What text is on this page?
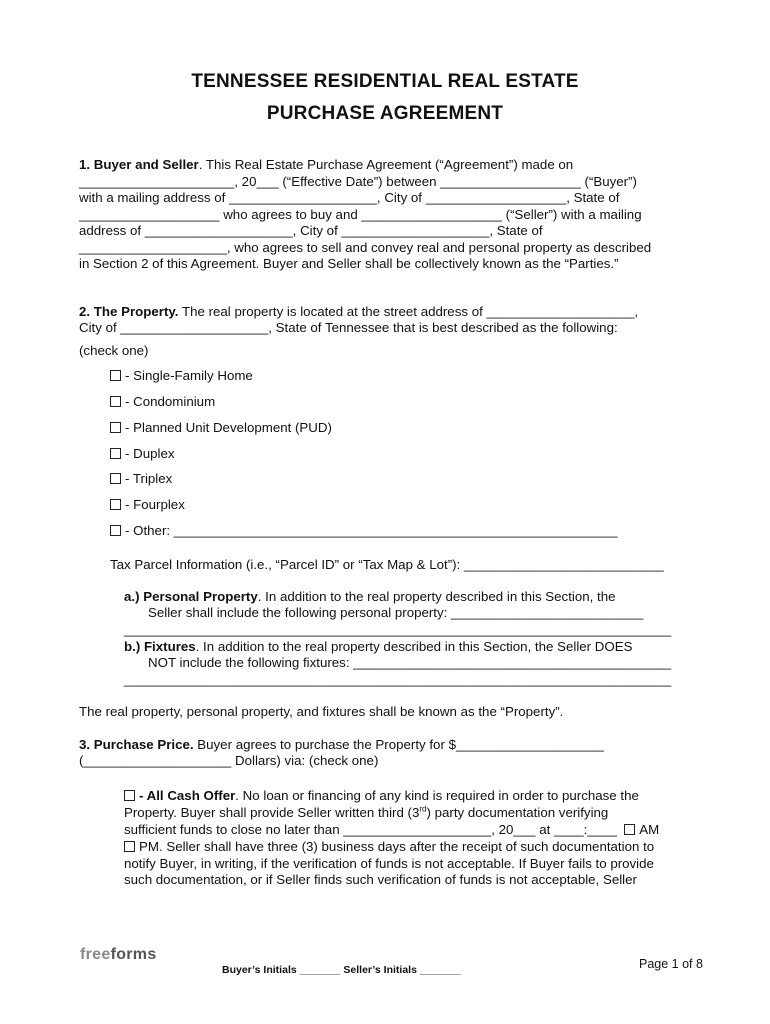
TENNESSEE RESIDENTIAL REAL ESTATE
PURCHASE AGREEMENT
1. Buyer and Seller. This Real Estate Purchase Agreement (“Agreement”) made on
_____________________, 20___ (“Effective Date”) between ___________________ (“Buyer”)
with a mailing address of ____________________, City of ___________________, State of
___________________ who agrees to buy and ___________________ (“Seller”) with a mailing
address of ____________________, City of ____________________, State of
____________________, who agrees to sell and convey real and personal property as described
in Section 2 of this Agreement. Buyer and Seller shall be collectively known as the “Parties.”
2. The Property. The real property is located at the street address of ____________________,
City of ____________________, State of Tennessee that is best described as the following:
(check one)
- Single-Family Home
- Condominium
- Planned Unit Development (PUD)
- Duplex
- Triplex
- Fourplex
- Other: ____________________________________________________________
Tax Parcel Information (i.e., “Parcel ID” or “Tax Map & Lot”): ___________________________
a.) Personal Property. In addition to the real property described in this Section, the
Seller shall include the following personal property: __________________________
__________________________________________________________________________
b.) Fixtures. In addition to the real property described in this Section, the Seller DOES
NOT include the following fixtures: ___________________________________________
__________________________________________________________________________
The real property, personal property, and fixtures shall be known as the “Property”.
3. Purchase Price. Buyer agrees to purchase the Property for $____________________
(____________________ Dollars) via: (check one)
- All Cash Offer. No loan or financing of any kind is required in order to purchase the
Property. Buyer shall provide Seller written third (3rd) party documentation verifying
sufficient funds to close no later than ____________________, 20___ at ____:____ AM
PM. Seller shall have three (3) business days after the receipt of such documentation to
notify Buyer, in writing, if the verification of funds is not acceptable. If Buyer fails to provide
such documentation, or if Seller finds such verification of funds is not acceptable, Seller
freeforms
Buyer’s Initials _______ Seller’s Initials _______	Page 1 of 8
